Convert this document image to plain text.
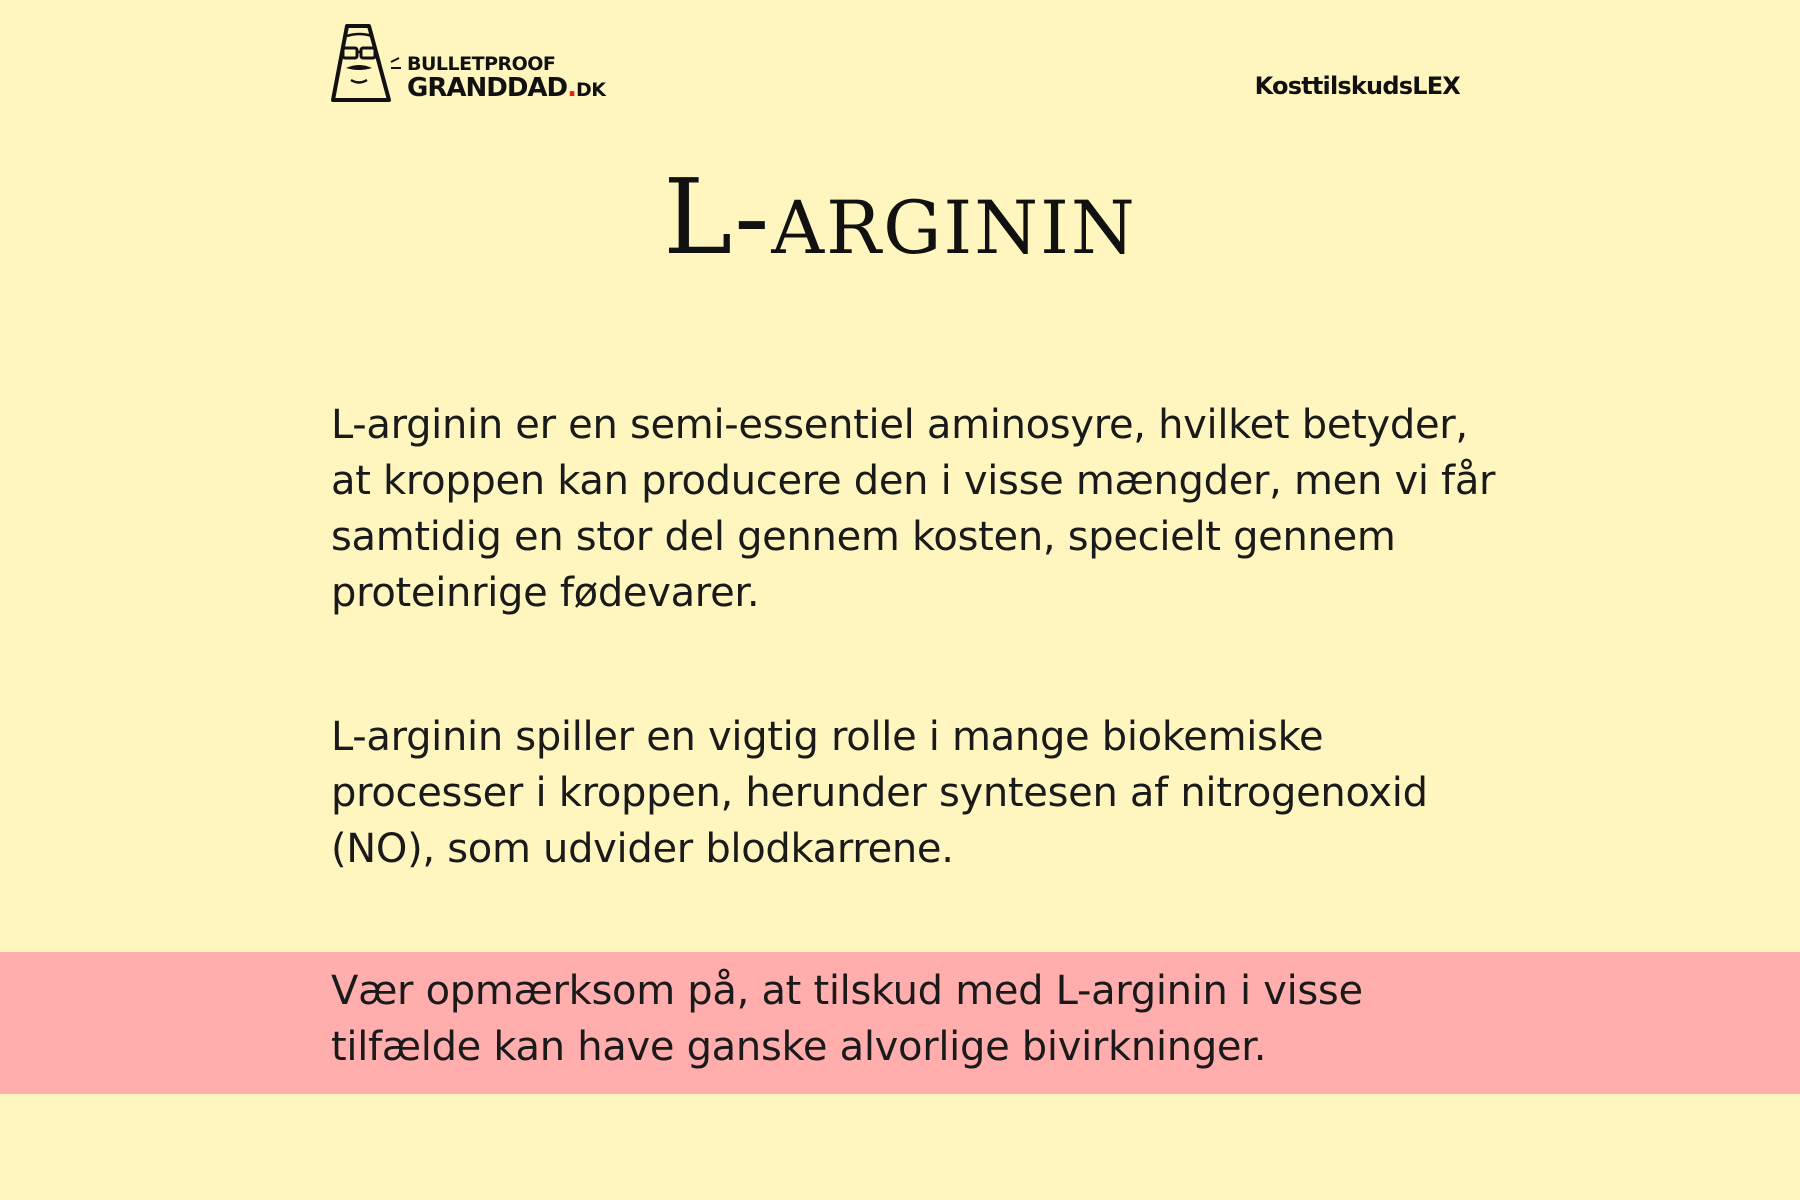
BULLETPROOF
GRANDDAD.DK	KosttilskudsLEX
L-arginin

L-arginin er en semi-essentiel aminosyre, hvilket betyder, at kroppen kan producere den i visse mængder, men vi får samtidig en stor del gennem kosten, specielt gennem proteinrige fødevarer.

L-arginin spiller en vigtig rolle i mange biokemiske processer i kroppen, herunder syntesen af nitrogenoxid (NO), som udvider blodkarrene.

Vær opmærksom på, at tilskud med L-arginin i visse tilfælde kan have ganske alvorlige bivirkninger.
